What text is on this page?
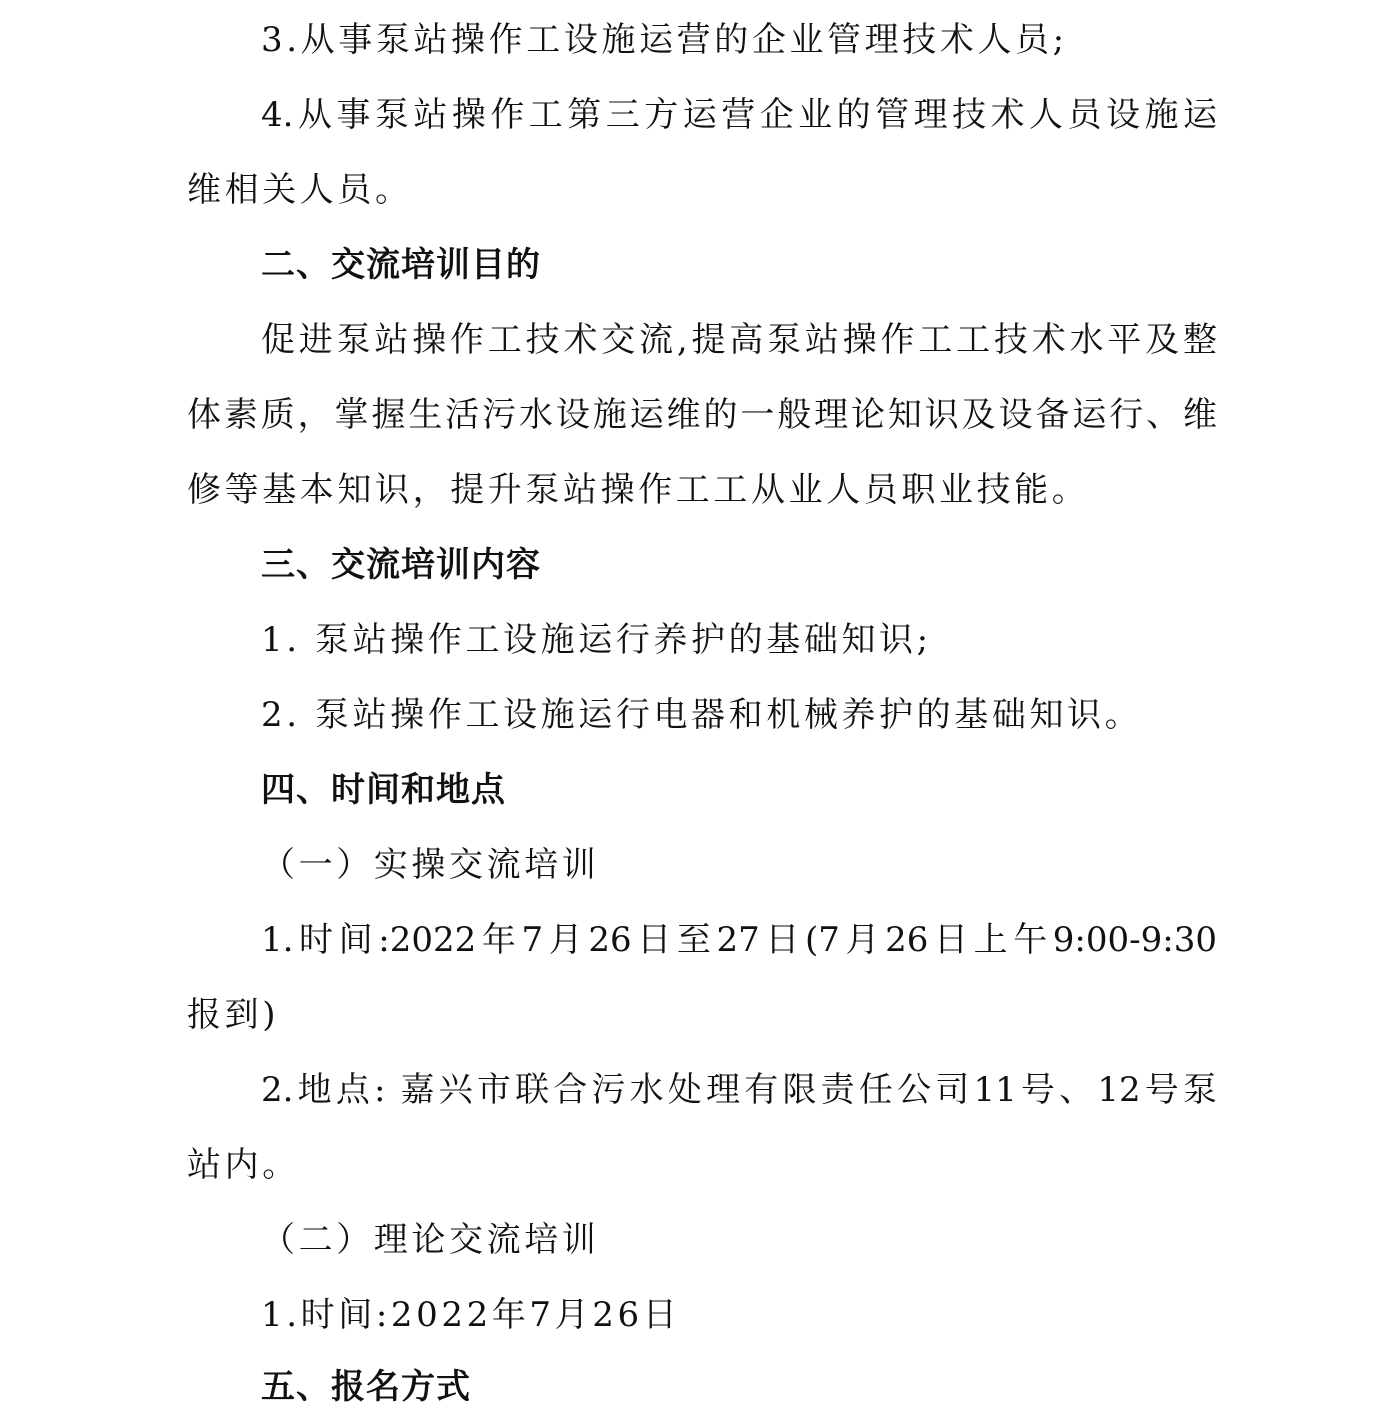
3.从事泵站操作工设施运营的企业管理技术人员;
4.从事泵站操作工第三方运营企业的管理技术人员设施运
维相关人员。
二、交流培训目的
促进泵站操作工技术交流,提高泵站操作工工技术水平及整
体素质，掌握生活污水设施运维的一般理论知识及设备运行、维
修等基本知识，提升泵站操作工工从业人员职业技能。
三、交流培训内容
1. 泵站操作工设施运行养护的基础知识;
2. 泵站操作工设施运行电器和机械养护的基础知识。
四、时间和地点
（一）实操交流培训
1.时间:2022年7月26日至27日(7月26日上午9:00-9:30
报到)
2.地点: 嘉兴市联合污水处理有限责任公司11号、12号泵
站内。
（二）理论交流培训
1.时间:2022年7月26日
五、报名方式
